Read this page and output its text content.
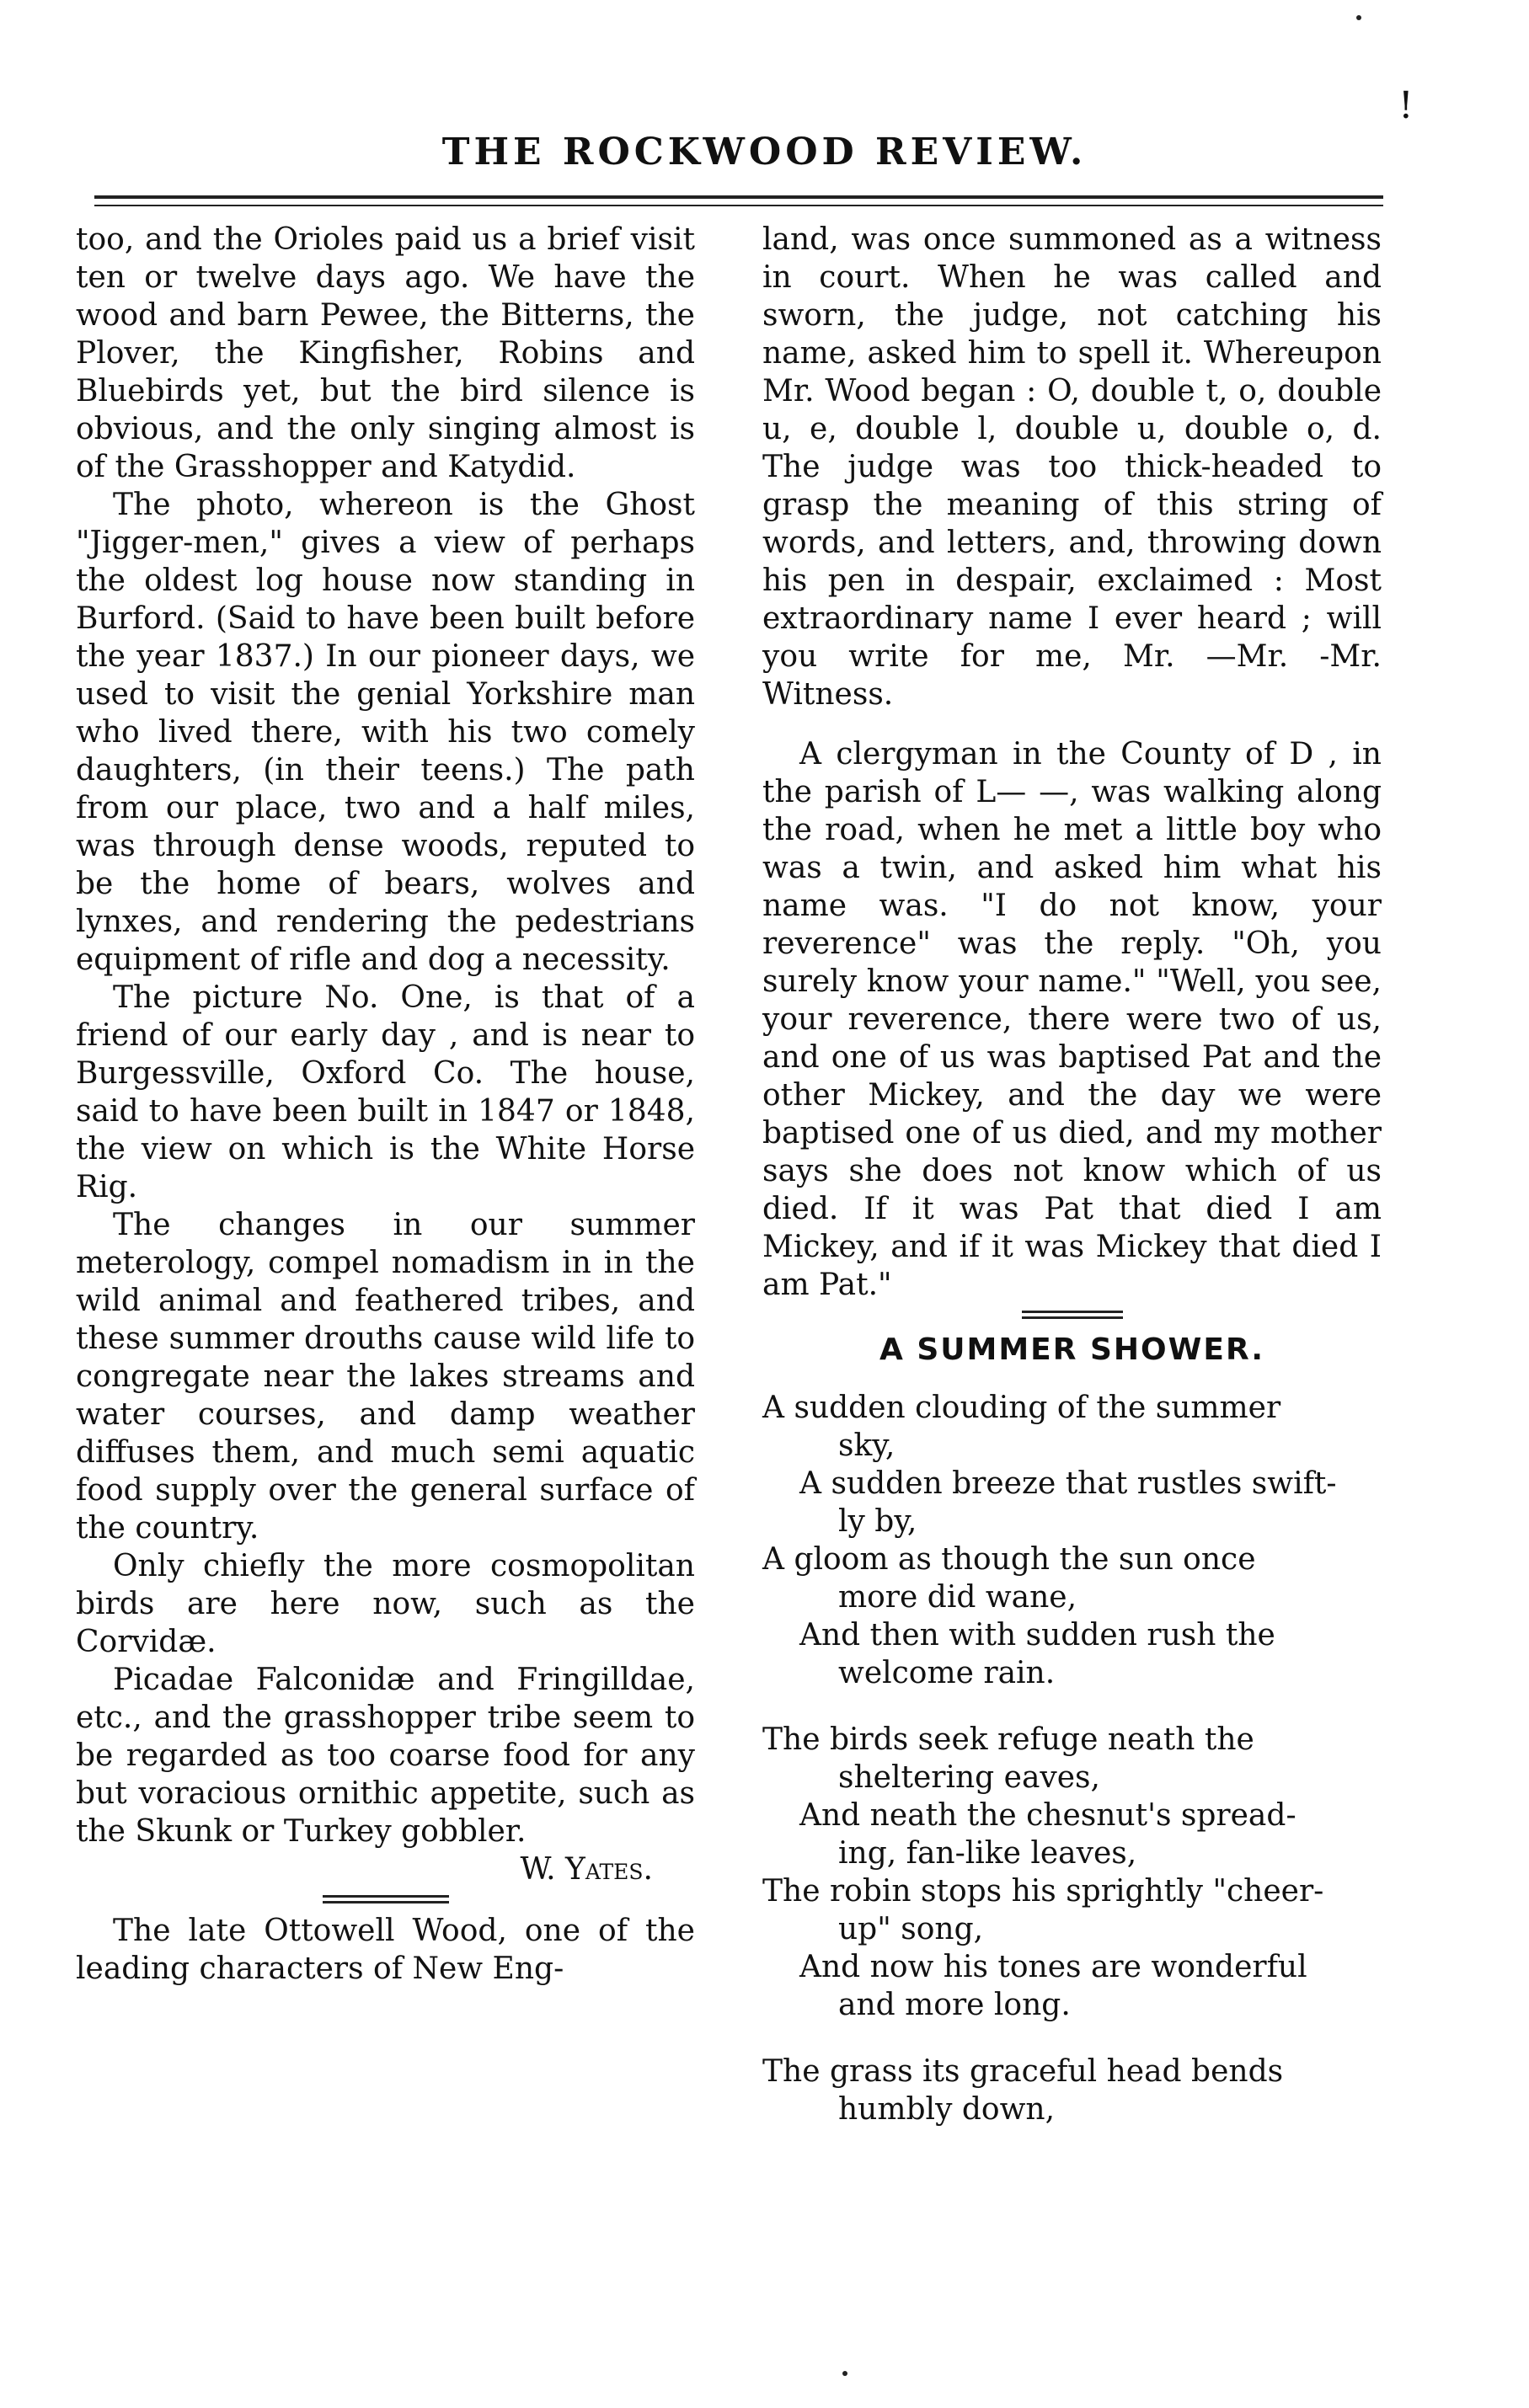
THE ROCKWOOD REVIEW.
!

too, and the Orioles paid us a brief visit ten or twelve days ago. We have the wood and barn Pewee, the Bitterns, the Plover, the Kingfisher, Robins and Bluebirds yet, but the bird silence is obvious, and the only singing almost is of the Grasshopper and Katydid.

The photo, whereon is the Ghost "Jigger-men," gives a view of perhaps the oldest log house now standing in Burford. (Said to have been built before the year 1837.) In our pioneer days, we used to visit the genial Yorkshire man who lived there, with his two comely daughters, (in their teens.) The path from our place, two and a half miles, was through dense woods, reputed to be the home of bears, wolves and lynxes, and rendering the pedestrians equipment of rifle and dog a necessity.

The picture No. One, is that of a friend of our early day , and is near to Burgessville, Oxford Co. The house, said to have been built in 1847 or 1848, the view on which is the White Horse Rig.

The changes in our summer meterology, compel nomadism in in the wild animal and feathered tribes, and these summer drouths cause wild life to congregate near the lakes streams and water courses, and damp weather diffuses them, and much semi aquatic food supply over the general surface of the country.

Only chiefly the more cosmopolitan birds are here now, such as the Corvidæ.

Picadae Falconidæ and Fringilldae, etc., and the grasshopper tribe seem to be regarded as too coarse food for any but voracious ornithic appetite, such as the Skunk or Turkey gobbler.

W. Yates.

The late Ottowell Wood, one of the leading characters of New Eng-

land, was once summoned as a witness in court. When he was called and sworn, the judge, not catching his name, asked him to spell it. Whereupon Mr. Wood began : O, double t, o, double u, e, double l, double u, double o, d. The judge was too thick-headed to grasp the meaning of this string of words, and letters, and, throwing down his pen in despair, exclaimed : Most extraordinary name I ever heard ; will you write for me, Mr. —Mr. -Mr. Witness.

A clergyman in the County of D , in the parish of L— —, was walking along the road, when he met a little boy who was a twin, and asked him what his name was. "I do not know, your reverence" was the reply. "Oh, you surely know your name." "Well, you see, your reverence, there were two of us, and one of us was baptised Pat and the other Mickey, and the day we were baptised one of us died, and my mother says she does not know which of us died. If it was Pat that died I am Mickey, and if it was Mickey that died I am Pat."

A SUMMER SHOWER.

A sudden clouding of the summer

sky,

A sudden breeze that rustles swift-

ly by,

A gloom as though the sun once

more did wane,

And then with sudden rush the

welcome rain.

The birds seek refuge neath the

sheltering eaves,

And neath the chesnut's spread-

ing, fan-like leaves,

The robin stops his sprightly "cheer-

up" song,

And now his tones are wonderful

and more long.

The grass its graceful head bends

humbly down,
